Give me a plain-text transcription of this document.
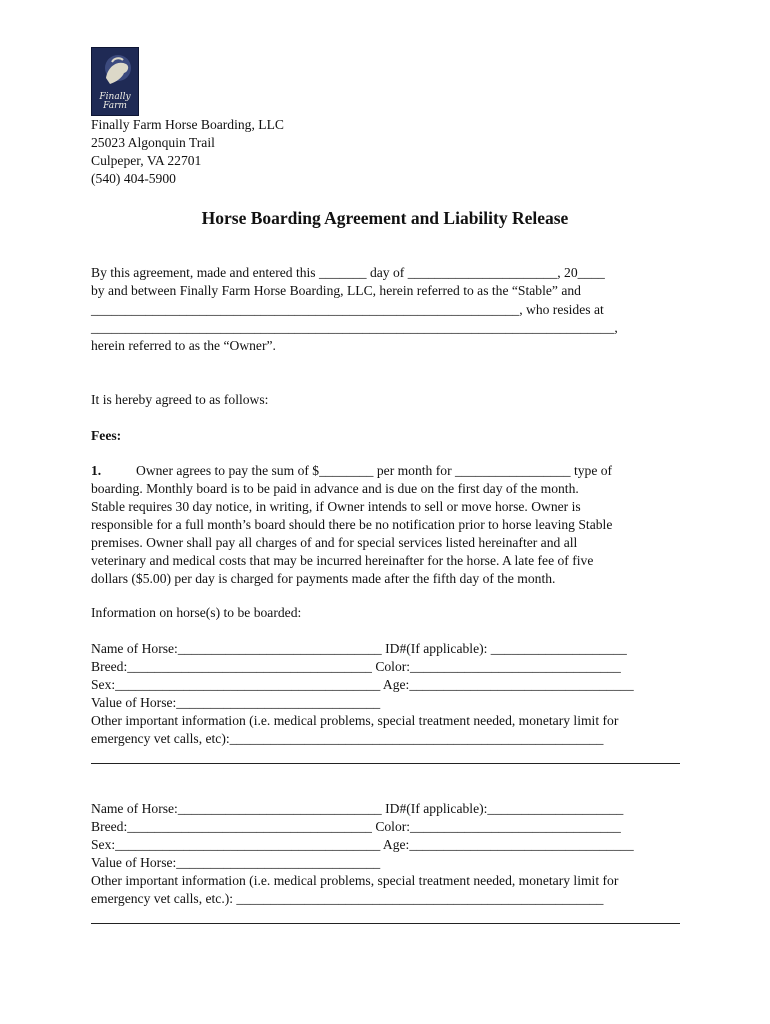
Finally
Farm
Finally Farm Horse Boarding, LLC
25023 Algonquin Trail
Culpeper, VA 22701
(540) 404-5900
Horse Boarding Agreement and Liability Release
By this agreement, made and entered this _______ day of ______________________, 20____
by and between Finally Farm Horse Boarding, LLC, herein referred to as the “Stable” and
_______________________________________________________________, who resides at
_____________________________________________________________________________,
herein referred to as the “Owner”.
It is hereby agreed to as follows:
Fees:
1.	Owner agrees to pay the sum of $________ per month for _________________ type of
boarding. Monthly board is to be paid in advance and is due on the first day of the month.
Stable requires 30 day notice, in writing, if Owner intends to sell or move horse. Owner is
responsible for a full month’s board should there be no notification prior to horse leaving Stable
premises. Owner shall pay all charges of and for special services listed hereinafter and all
veterinary and medical costs that may be incurred hereinafter for the horse. A late fee of five
dollars ($5.00) per day is charged for payments made after the fifth day of the month.
Information on horse(s) to be boarded:
Name of Horse:______________________________ ID#(If applicable): ____________________
Breed:____________________________________ Color:_______________________________
Sex:_______________________________________ Age:_________________________________
Value of Horse:______________________________
Other important information (i.e. medical problems, special treatment needed, monetary limit for
emergency vet calls, etc):_______________________________________________________
Name of Horse:______________________________ ID#(If applicable):____________________
Breed:____________________________________ Color:_______________________________
Sex:_______________________________________ Age:_________________________________
Value of Horse:______________________________
Other important information (i.e. medical problems, special treatment needed, monetary limit for
emergency vet calls, etc.): ______________________________________________________
